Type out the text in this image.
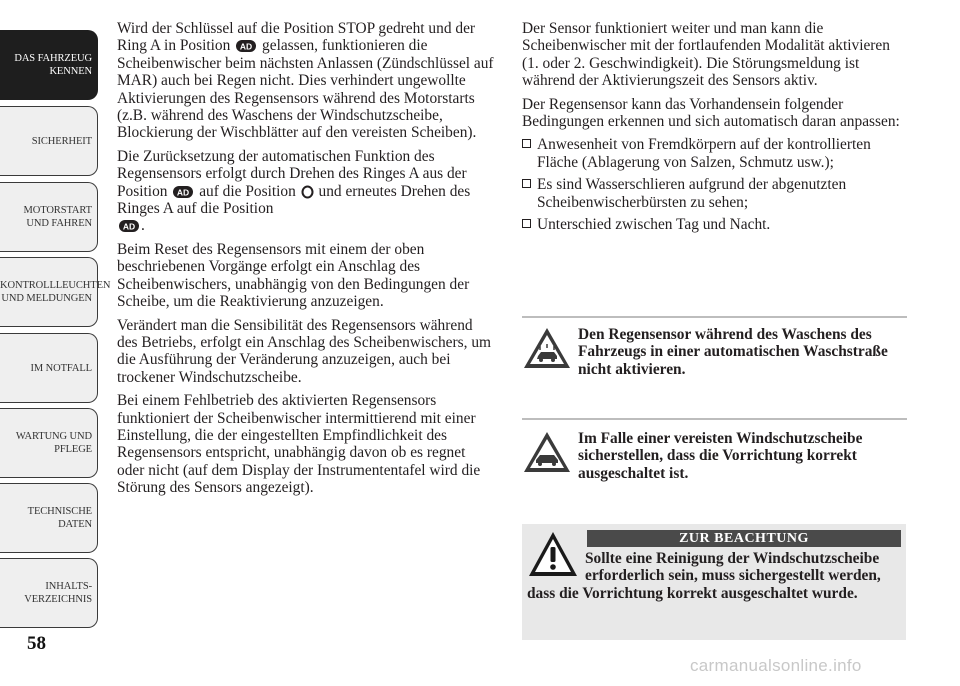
DAS FAHRZEUG KENNEN
SICHERHEIT
MOTORSTART UND FAHREN
KONTROLLLEUCHTEN UND MELDUNGEN
IM NOTFALL
WARTUNG UND PFLEGE
TECHNISCHE DATEN
INHALTS-VERZEICHNIS
58

Wird der Schlüssel auf die Position STOP gedreht und der Ring A in Position AD gelassen, funktionieren die Scheibenwischer beim nächsten Anlassen (Zündschlüssel auf MAR) auch bei Regen nicht. Dies verhindert ungewollte Aktivierungen des Regensensors während des Motorstarts (z.B. während des Waschens der Windschutzscheibe, Blockierung der Wischblätter auf den vereisten Scheiben).

Die Zurücksetzung der automatischen Funktion des Regensensors erfolgt durch Drehen des Ringes A aus der Position AD auf die Position und erneutes Drehen des Ringes A auf die Position

AD .

Beim Reset des Regensensors mit einem der oben beschriebenen Vorgänge erfolgt ein Anschlag des Scheibenwischers, unabhängig von den Bedingungen der Scheibe, um die Reaktivierung anzuzeigen.

Verändert man die Sensibilität des Regensensors während des Betriebs, erfolgt ein Anschlag des Scheibenwischers, um die Ausführung der Veränderung anzuzeigen, auch bei trockener Windschutzscheibe.

Bei einem Fehlbetrieb des aktivierten Regensensors funktioniert der Scheibenwischer intermittierend mit einer Einstellung, die der eingestellten Empfindlichkeit des Regensensors entspricht, unabhängig davon ob es regnet oder nicht (auf dem Display der Instrumententafel wird die Störung des Sensors angezeigt).

Der Sensor funktioniert weiter und man kann die Scheibenwischer mit der fortlaufenden Modalität aktivieren (1. oder 2. Geschwindigkeit). Die Störungsmeldung ist während der Aktivierungszeit des Sensors aktiv.

Der Regensensor kann das Vorhandensein folgender Bedingungen erkennen und sich automatisch daran anpassen:

Anwesenheit von Fremdkörpern auf der kontrollierten Fläche (Ablagerung von Salzen, Schmutz usw.);
Es sind Wasserschlieren aufgrund der abgenutzten Scheibenwischerbürsten zu sehen;
Unterschied zwischen Tag und Nacht.
Den Regensensor während des Waschens des Fahrzeugs in einer automatischen Waschstraße nicht aktivieren.
Im Falle einer vereisten Windschutzscheibe sicherstellen, dass die Vorrichtung korrekt ausgeschaltet ist.
ZUR BEACHTUNG
Sollte eine Reinigung der Windschutzscheibe erforderlich sein, muss sichergestellt werden, dass die Vorrichtung korrekt ausgeschaltet wurde.
carmanualsonline.info
